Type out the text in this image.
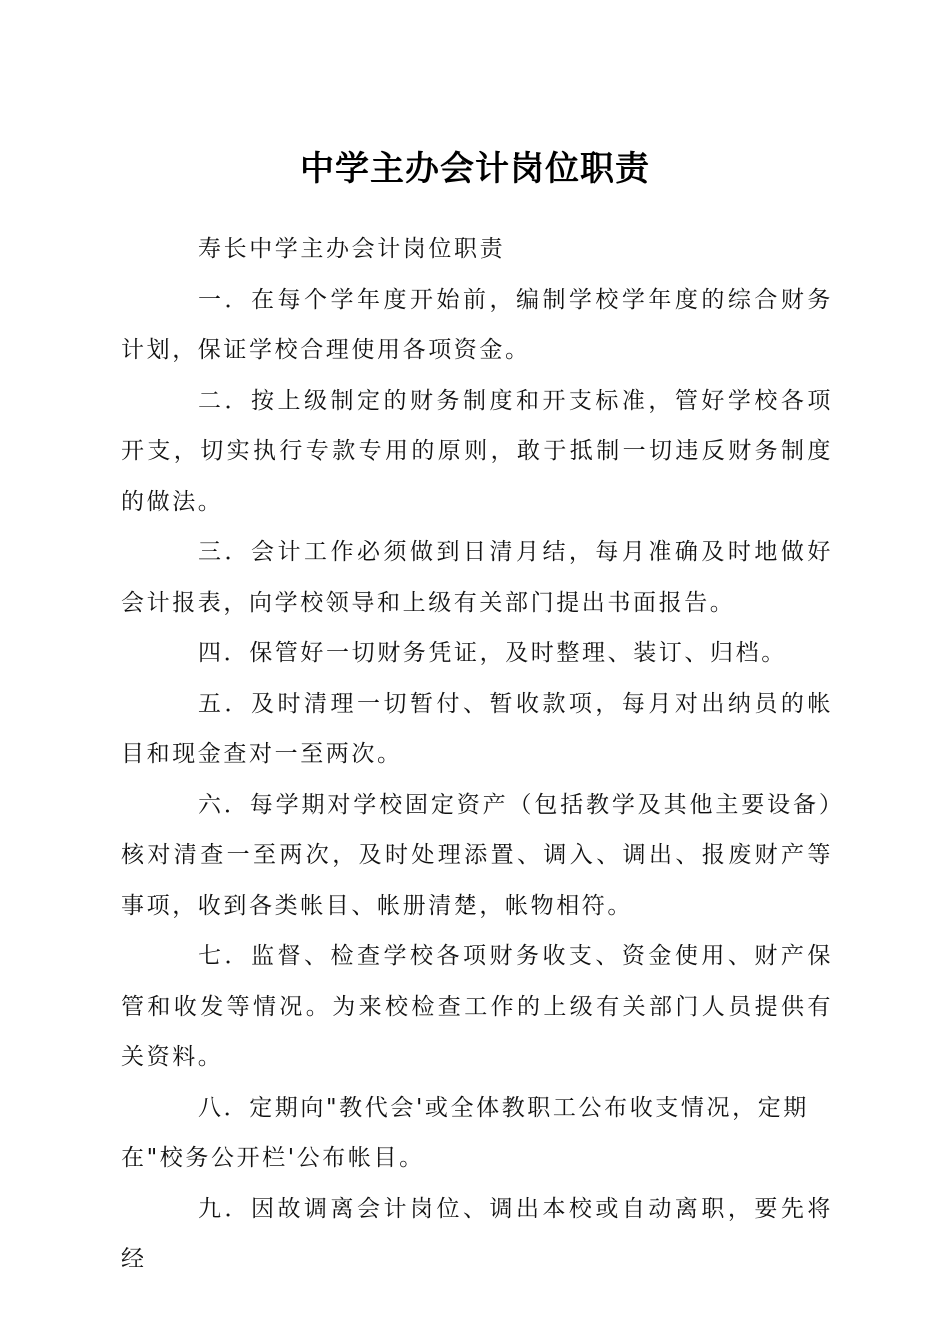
中学主办会计岗位职责

寿长中学主办会计岗位职责

一．在每个学年度开始前，编制学校学年度的综合财务计划，保证学校合理使用各项资金。

二．按上级制定的财务制度和开支标准，管好学校各项开支，切实执行专款专用的原则，敢于抵制一切违反财务制度的做法。

三．会计工作必须做到日清月结，每月准确及时地做好会计报表，向学校领导和上级有关部门提出书面报告。

四．保管好一切财务凭证，及时整理、装订、归档。

五．及时清理一切暂付、暂收款项，每月对出纳员的帐目和现金查对一至两次。

六．每学期对学校固定资产（包括教学及其他主要设备）核对清查一至两次，及时处理添置、调入、调出、报废财产等事项，收到各类帐目、帐册清楚，帐物相符。

七．监督、检查学校各项财务收支、资金使用、财产保管和收发等情况。为来校检查工作的上级有关部门人员提供有关资料。

八．定期向"教代会'或全体教职工公布收支情况，定期在"校务公开栏'公布帐目。

九．因故调离会计岗位、调出本校或自动离职，要先将经
